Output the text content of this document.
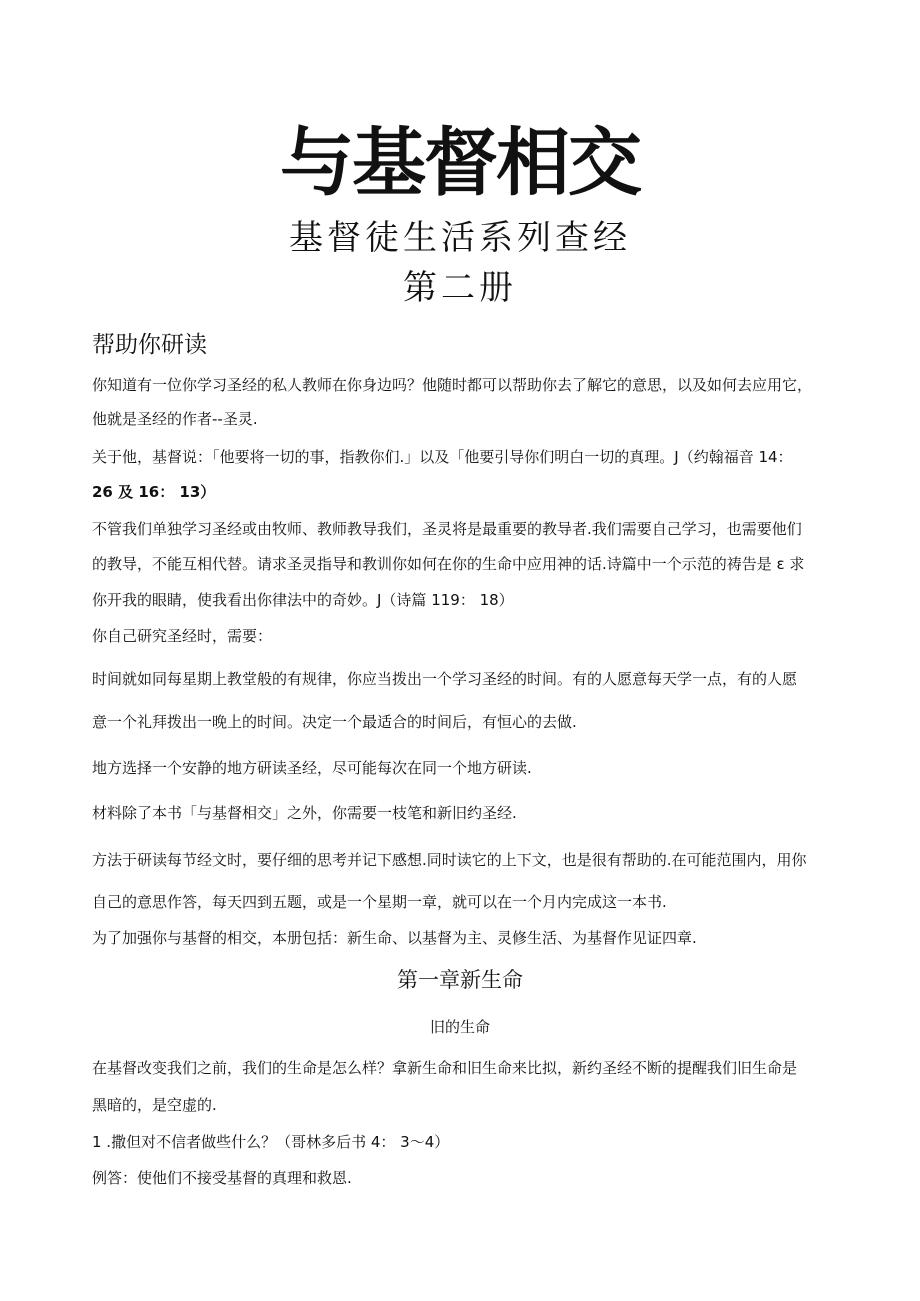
与基督相交
基督徒生活系列查经
第二册
帮助你研读
你知道有一位你学习圣经的私人教师在你身边吗？他随时都可以帮助你去了解它的意思，以及如何去应用它，
他就是圣经的作者--圣灵.
关于他，基督说：「他要将一切的事，指教你们.」以及「他要引导你们明白一切的真理。J（约翰福音 14：
26 及 16： 13）
不管我们单独学习圣经或由牧师、教师教导我们，圣灵将是最重要的教导者.我们需要自己学习，也需要他们
的教导，不能互相代替。请求圣灵指导和教训你如何在你的生命中应用神的话.诗篇中一个示范的祷告是 ε 求
你开我的眼睛，使我看出你律法中的奇妙。J（诗篇 119： 18）
你自己研究圣经时，需要：
时间就如同每星期上教堂般的有规律，你应当拨出一个学习圣经的时间。有的人愿意每天学一点，有的人愿
意一个礼拜拨出一晚上的时间。决定一个最适合的时间后，有恒心的去做.
地方选择一个安静的地方研读圣经，尽可能每次在同一个地方研读.
材料除了本书「与基督相交」之外，你需要一枝笔和新旧约圣经.
方法于研读每节经文时，要仔细的思考并记下感想.同时读它的上下文，也是很有帮助的.在可能范围内，用你
自己的意思作答，每天四到五题，或是一个星期一章，就可以在一个月内完成这一本书.
为了加强你与基督的相交，本册包括：新生命、以基督为主、灵修生活、为基督作见证四章.
第一章新生命
旧的生命
在基督改变我们之前，我们的生命是怎么样？拿新生命和旧生命来比拟，新约圣经不断的提醒我们旧生命是
黑暗的，是空虚的.
1 .撒但对不信者做些什么？（哥林多后书 4： 3～4）
例答：使他们不接受基督的真理和救恩.
